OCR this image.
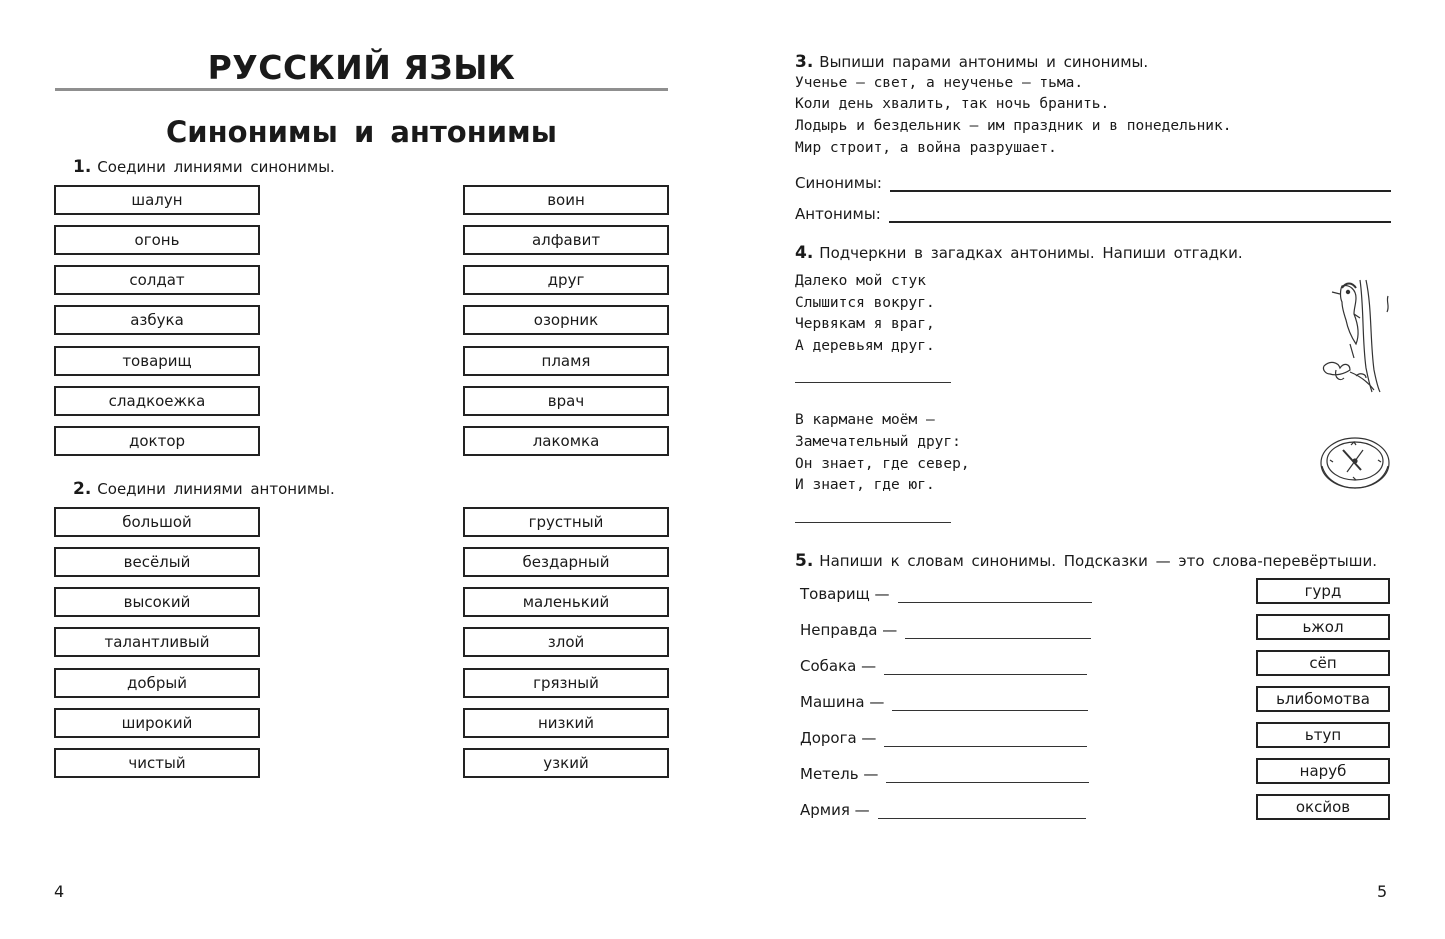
РУССКИЙ ЯЗЫК
Синонимы и антонимы
1. Соедини линиями синонимы.
шалун
огонь
солдат
азбука
товарищ
сладкоежка
доктор
воин
алфавит
друг
озорник
пламя
врач
лакомка
2. Соедини линиями антонимы.
большой
весёлый
высокий
талантливый
добрый
широкий
чистый
грустный
бездарный
маленький
злой
грязный
низкий
узкий
4
3. Выпиши парами антонимы и синонимы.
Ученье — свет, а неученье — тьма.
Коли день хвалить, так ночь бранить.
Лодырь и бездельник — им праздник и в понедельник.
Мир строит, а война разрушает.
Синонимы:
Антонимы:
4. Подчеркни в загадках антонимы. Напиши отгадки.
Далеко мой стук
Слышится вокруг.
Червякам я враг,
А деревьям друг.
В кармане моём —
Замечательный друг:
Он знает, где север,
И знает, где юг.
5. Напиши к словам синонимы. Подсказки — это слова-перевёртыши.
Товарищ —
Неправда —
Собака —
Машина —
Дорога —
Метель —
Армия —
гурд
ьжол
сёп
ьлибомотва
ьтуп
наруб
оксйов
5
